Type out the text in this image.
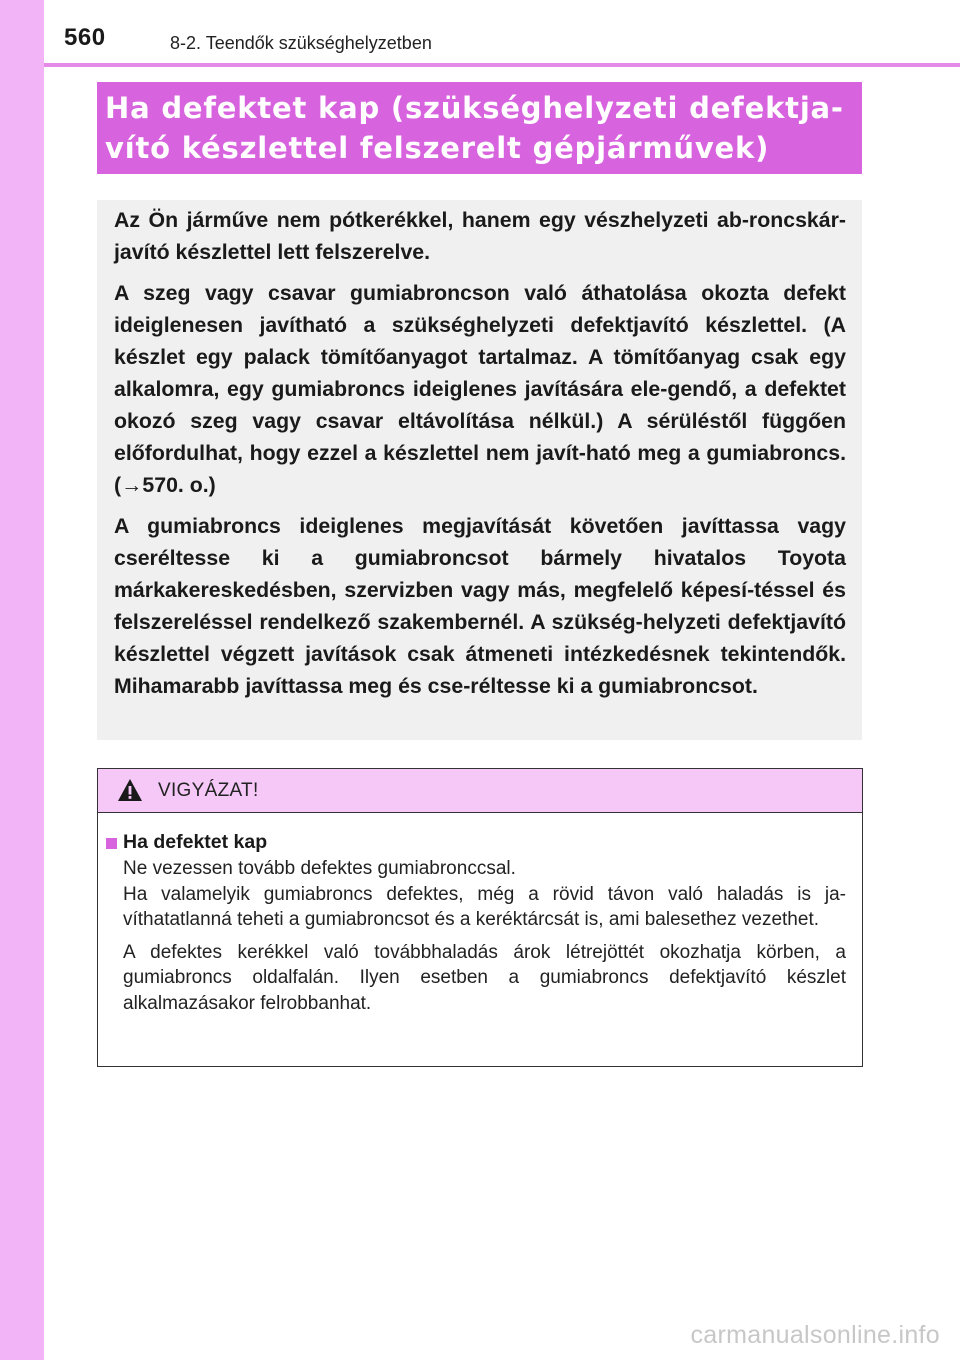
560	8-2. Teendők szükséghelyzetben

Ha defektet kap (szükséghelyzeti defektja-
vító készlettel felszerelt gépjárművek)

Az Ön járműve nem pótkerékkel, hanem egy vészhelyzeti ab-roncskár-javító készlettel lett felszerelve.

A szeg vagy csavar gumiabroncson való áthatolása okozta defekt ideiglenesen javítható a szükséghelyzeti defektjavító készlettel. (A készlet egy palack tömítőanyagot tartalmaz. A tömítőanyag csak egy alkalomra, egy gumiabroncs ideiglenes javítására ele-gendő, a defektet okozó szeg vagy csavar eltávolítása nélkül.) A sérüléstől függően előfordulhat, hogy ezzel a készlettel nem javít-ható meg a gumiabroncs. (→570. o.)

A gumiabroncs ideiglenes megjavítását követően javíttassa vagy cseréltesse ki a gumiabroncsot bármely hivatalos Toyota márkakereskedésben, szervizben vagy más, megfelelő képesí-téssel és felszereléssel rendelkező szakembernél. A szükség-helyzeti defektjavító készlettel végzett javítások csak átmeneti intézkedésnek tekintendők. Mihamarabb javíttassa meg és cse-réltesse ki a gumiabroncsot.

VIGYÁZAT!
Ha defektet kap

Ne vezessen tovább defektes gumiabronccsal.
Ha valamelyik gumiabroncs defektes, még a rövid távon való haladás is ja-víthatatlanná teheti a gumiabroncsot és a keréktárcsát is, ami balesethez vezethet.

A defektes kerékkel való továbbhaladás árok létrejöttét okozhatja körben, a gumiabroncs oldalfalán. Ilyen esetben a gumiabroncs defektjavító készlet alkalmazásakor felrobbanhat.

carmanualsonline.info
